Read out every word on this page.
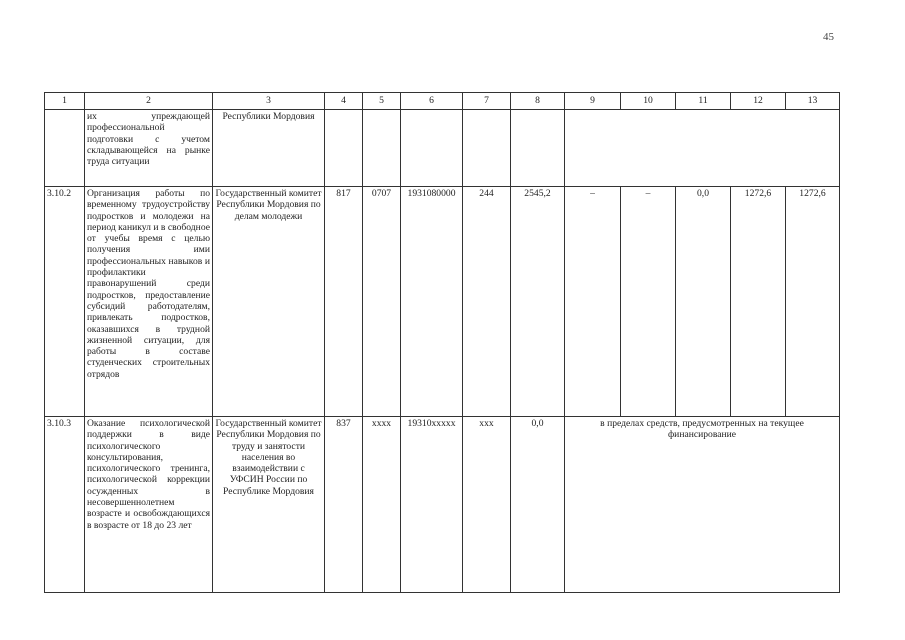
45
1	2	3	4	5	6	7	8	9	10	11	12	13
	их упреждающей профессиональной подготовки с учетом складывающейся на рынке труда ситуации	Республики Мордовия										
3.10.2	Организация работы по временному трудоустройству подростков и молодежи на период каникул и в свободное от учебы время с целью получения ими профессиональных навыков и профилактики правонарушений среди подростков, предоставление субсидий работодателям, привлекать подростков, оказавшихся в трудной жизненной ситуации, для работы в составе студенческих строительных отрядов	Государственный комитет Республики Мордовия по делам молодежи	817	0707	1931080000	244	2545,2	–	–	0,0	1272,6	1272,6
3.10.3	Оказание психологической поддержки в виде психологического консультирования, психологического тренинга, психологической коррекции осужденных в несовершеннолетнем возрасте и освобождающихся в возрасте от 18 до 23 лет	Государственный комитет Республики Мордовия по труду и занятости населения во взаимодействии с УФСИН России по Республике Мордовия	837	хххх	19310ххххх	ххх	0,0	в пределах средств, предусмотренных на текущее финансирование				
